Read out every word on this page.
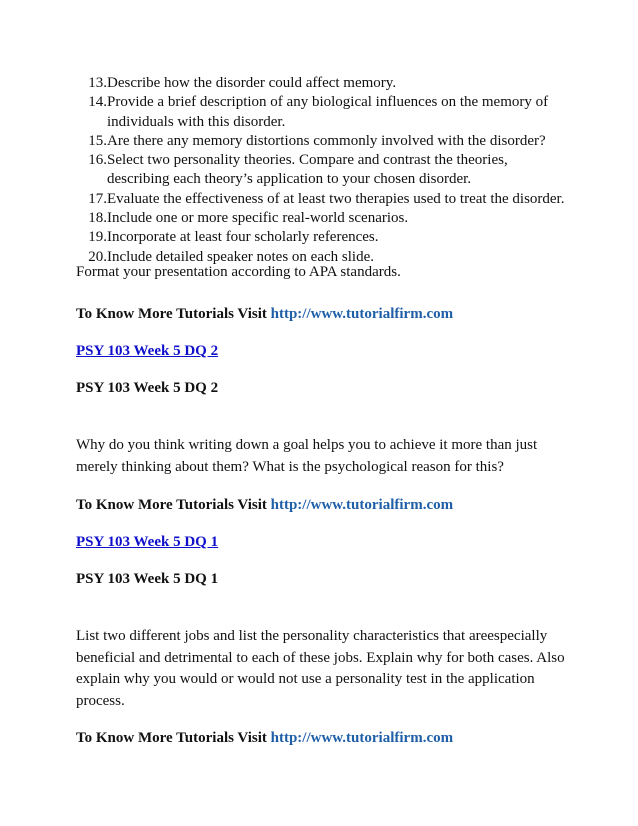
13. Describe how the disorder could affect memory.
14. Provide a brief description of any biological influences on the memory of individuals with this disorder.
15. Are there any memory distortions commonly involved with the disorder?
16. Select two personality theories. Compare and contrast the theories, describing each theory’s application to your chosen disorder.
17. Evaluate the effectiveness of at least two therapies used to treat the disorder.
18. Include one or more specific real-world scenarios.
19. Incorporate at least four scholarly references.
20. Include detailed speaker notes on each slide.

Format your presentation according to APA standards.

To Know More Tutorials Visit http://www.tutorialfirm.com

PSY 103 Week 5 DQ 2

PSY 103 Week 5 DQ 2

Why do you think writing down a goal helps you to achieve it more than just merely thinking about them? What is the psychological reason for this?

To Know More Tutorials Visit http://www.tutorialfirm.com

PSY 103 Week 5 DQ 1

PSY 103 Week 5 DQ 1

List two different jobs and list the personality characteristics that areespecially beneficial and detrimental to each of these jobs. Explain why for both cases. Also explain why you would or would not use a personality test in the application process.

To Know More Tutorials Visit http://www.tutorialfirm.com
